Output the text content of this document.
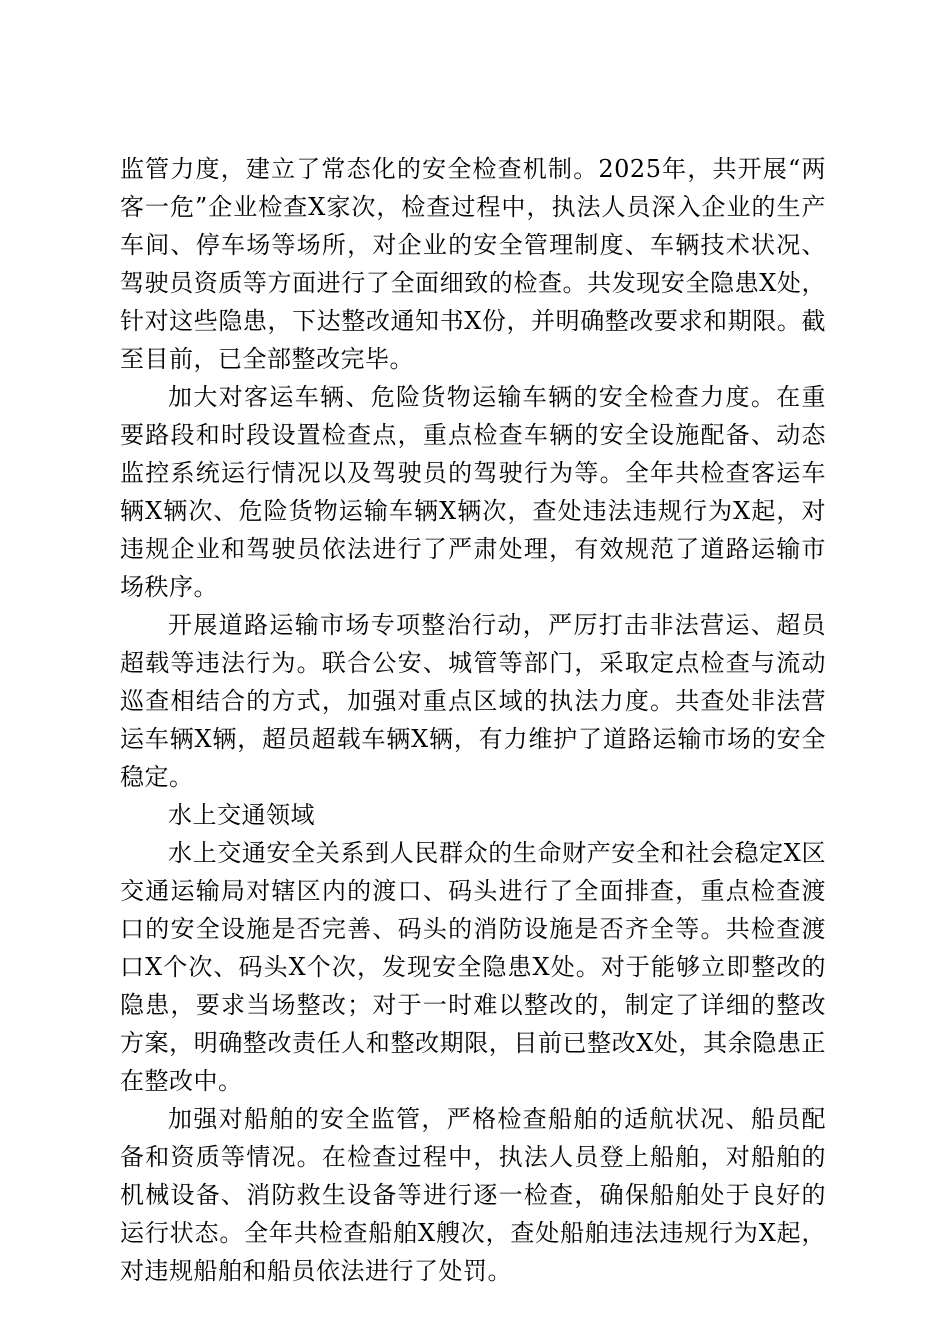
监管力度，建立了常态化的安全检查机制。2025年，共开展“两客一危”企业检查X家次，检查过程中，执法人员深入企业的生产车间、停车场等场所，对企业的安全管理制度、车辆技术状况、驾驶员资质等方面进行了全面细致的检查。共发现安全隐患X处，针对这些隐患，下达整改通知书X份，并明确整改要求和期限。截至目前，已全部整改完毕。

加大对客运车辆、危险货物运输车辆的安全检查力度。在重要路段和时段设置检查点，重点检查车辆的安全设施配备、动态监控系统运行情况以及驾驶员的驾驶行为等。全年共检查客运车辆X辆次、危险货物运输车辆X辆次，查处违法违规行为X起，对违规企业和驾驶员依法进行了严肃处理，有效规范了道路运输市场秩序。

开展道路运输市场专项整治行动，严厉打击非法营运、超员超载等违法行为。联合公安、城管等部门，采取定点检查与流动巡查相结合的方式，加强对重点区域的执法力度。共查处非法营运车辆X辆，超员超载车辆X辆，有力维护了道路运输市场的安全稳定。

水上交通领域

水上交通安全关系到人民群众的生命财产安全和社会稳定X区交通运输局对辖区内的渡口、码头进行了全面排查，重点检查渡口的安全设施是否完善、码头的消防设施是否齐全等。共检查渡口X个次、码头X个次，发现安全隐患X处。对于能够立即整改的隐患，要求当场整改；对于一时难以整改的，制定了详细的整改方案，明确整改责任人和整改期限，目前已整改X处，其余隐患正在整改中。

加强对船舶的安全监管，严格检查船舶的适航状况、船员配备和资质等情况。在检查过程中，执法人员登上船舶，对船舶的机械设备、消防救生设备等进行逐一检查，确保船舶处于良好的运行状态。全年共检查船舶X艘次，查处船舶违法违规行为X起，对违规船舶和船员依法进行了处罚。
